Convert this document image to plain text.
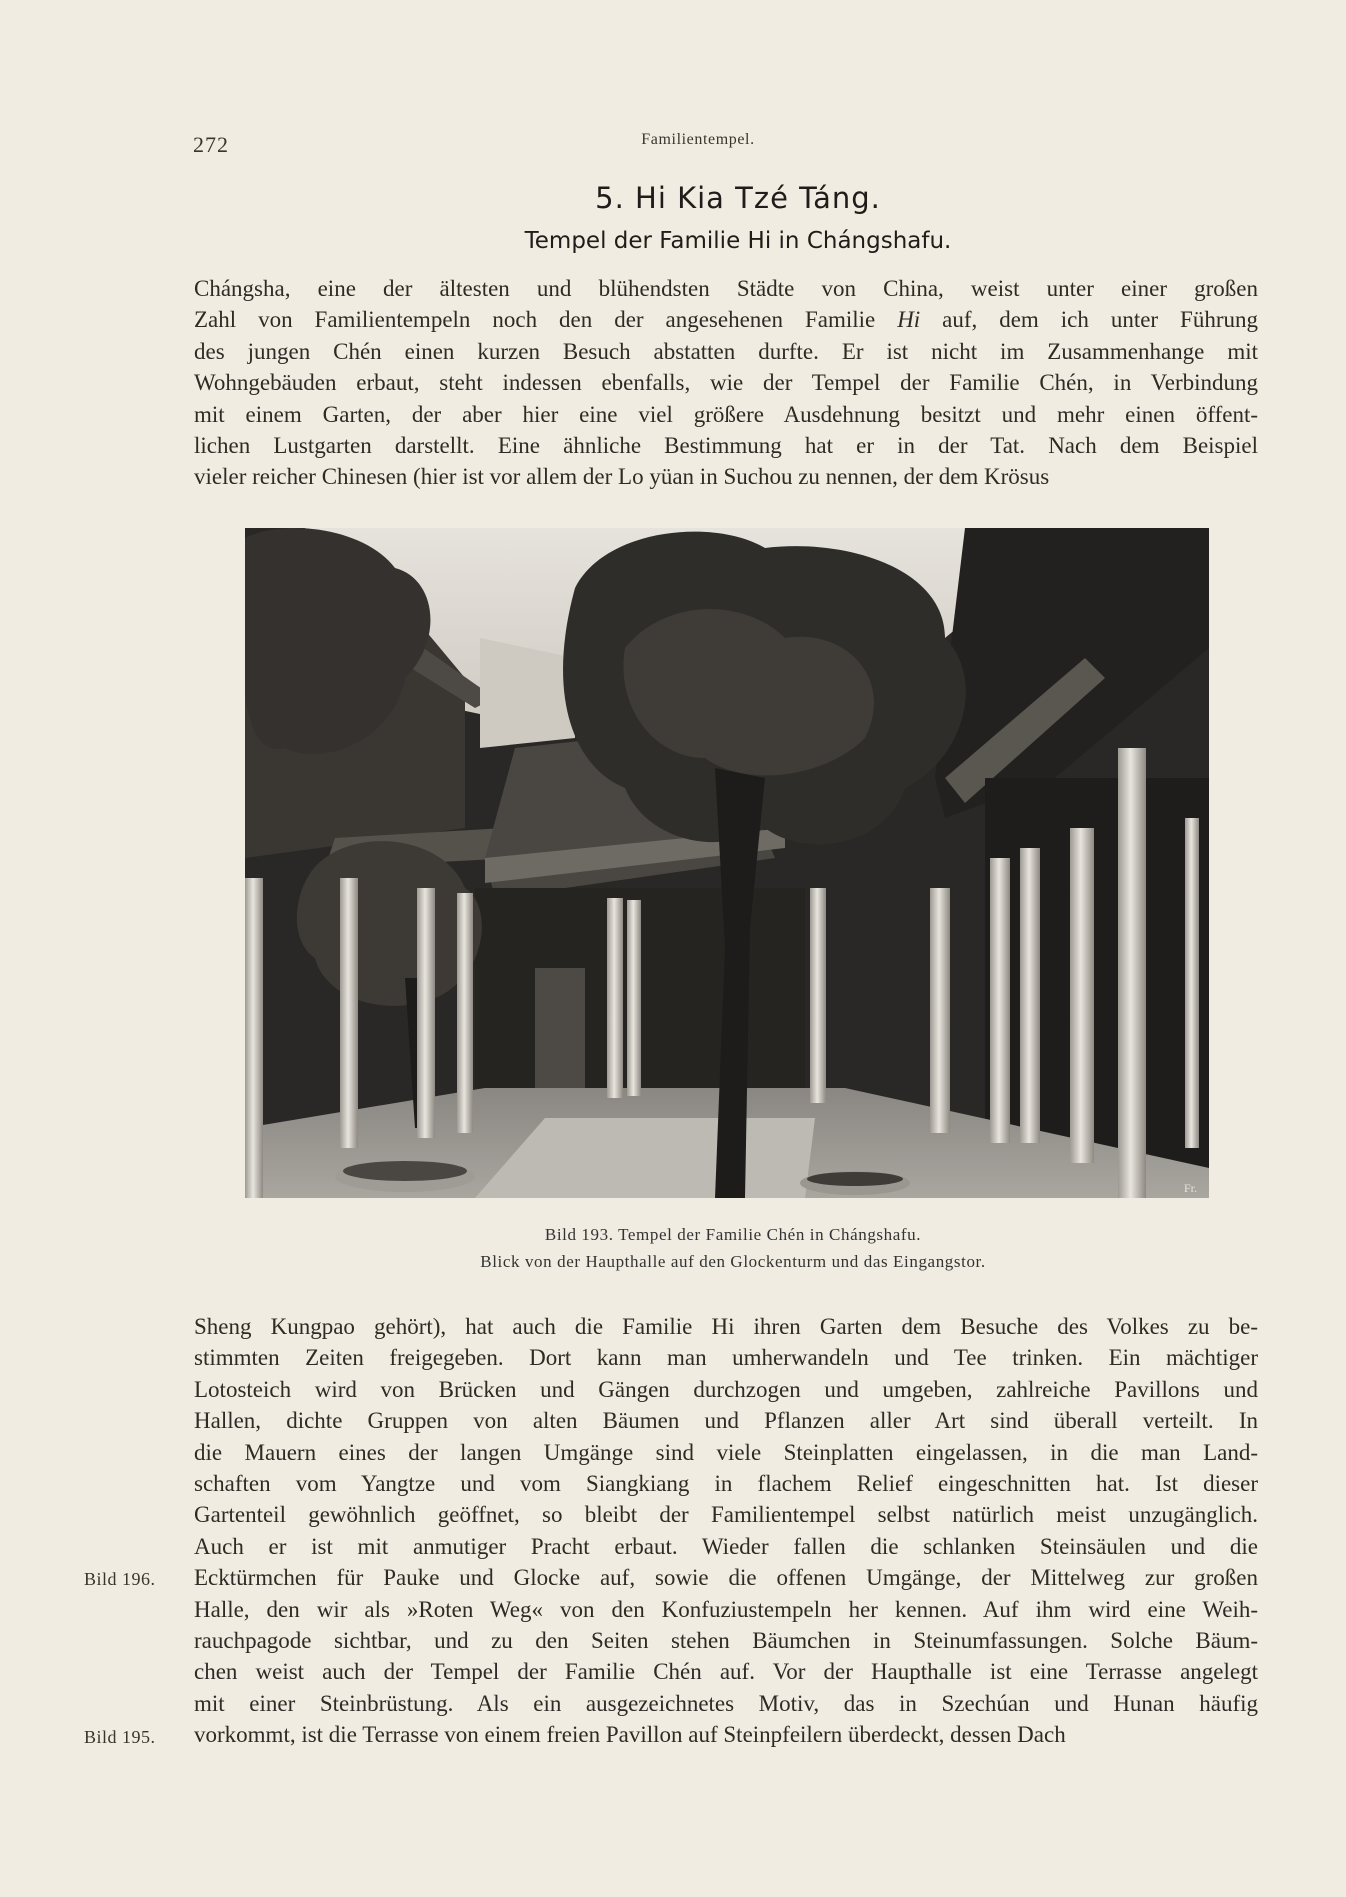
272	Familientempel.
5. Hi Kia Tzé Táng.
Tempel der Familie Hi in Chángshafu.
Chángsha, eine der ältesten und blühendsten Städte von China, weist unter einer großen
Zahl von Familientempeln noch den der angesehenen Familie Hi auf, dem ich unter Führung
des jungen Chén einen kurzen Besuch abstatten durfte. Er ist nicht im Zusammenhange mit
Wohngebäuden erbaut, steht indessen ebenfalls, wie der Tempel der Familie Chén, in Verbindung
mit einem Garten, der aber hier eine viel größere Ausdehnung besitzt und mehr einen öffent-
lichen Lustgarten darstellt. Eine ähnliche Bestimmung hat er in der Tat. Nach dem Beispiel
vieler reicher Chinesen (hier ist vor allem der Lo yüan in Suchou zu nennen, der dem Krösus
Fr.
Bild 193. Tempel der Familie Chén in Chángshafu.
Blick von der Haupthalle auf den Glockenturm und das Eingangstor.
Sheng Kungpao gehört), hat auch die Familie Hi ihren Garten dem Besuche des Volkes zu be-
stimmten Zeiten freigegeben. Dort kann man umherwandeln und Tee trinken. Ein mächtiger
Lotosteich wird von Brücken und Gängen durchzogen und umgeben, zahlreiche Pavillons und
Hallen, dichte Gruppen von alten Bäumen und Pflanzen aller Art sind überall verteilt. In
die Mauern eines der langen Umgänge sind viele Steinplatten eingelassen, in die man Land-
schaften vom Yangtze und vom Siangkiang in flachem Relief eingeschnitten hat. Ist dieser
Gartenteil gewöhnlich geöffnet, so bleibt der Familientempel selbst natürlich meist unzugänglich.
Auch er ist mit anmutiger Pracht erbaut. Wieder fallen die schlanken Steinsäulen und die
Ecktürmchen für Pauke und Glocke auf, sowie die offenen Umgänge, der Mittelweg zur großen
Halle, den wir als »Roten Weg« von den Konfuziustempeln her kennen. Auf ihm wird eine Weih-
rauchpagode sichtbar, und zu den Seiten stehen Bäumchen in Steinumfassungen. Solche Bäum-
chen weist auch der Tempel der Familie Chén auf. Vor der Haupthalle ist eine Terrasse angelegt
mit einer Steinbrüstung. Als ein ausgezeichnetes Motiv, das in Szechúan und Hunan häufig
vorkommt, ist die Terrasse von einem freien Pavillon auf Steinpfeilern überdeckt, dessen Dach
Bild 196.
Bild 195.
